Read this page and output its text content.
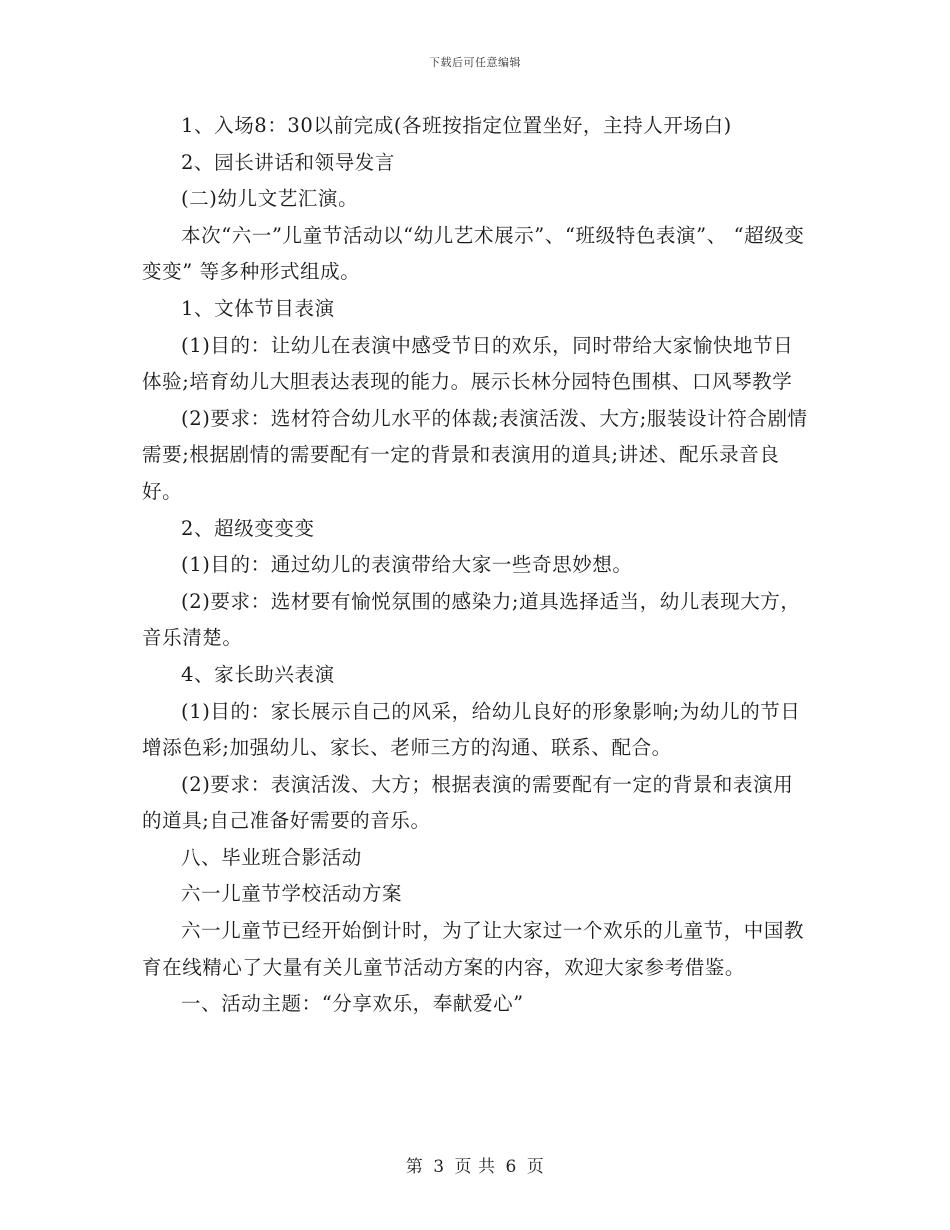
下载后可任意编辑

1、入场8：30以前完成(各班按指定位置坐好，主持人开场白)

2、园长讲话和领导发言

(二)幼儿文艺汇演。

本次“六一”儿童节活动以“幼儿艺术展示”、“班级特色表演”、 “超级变变变” 等多种形式组成。

1、文体节目表演

(1)目的：让幼儿在表演中感受节日的欢乐，同时带给大家愉快地节日体验;培育幼儿大胆表达表现的能力。展示长林分园特色围棋、口风琴教学

(2)要求：选材符合幼儿水平的体裁;表演活泼、大方;服装设计符合剧情需要;根据剧情的需要配有一定的背景和表演用的道具;讲述、配乐录音良好。

2、超级变变变

(1)目的：通过幼儿的表演带给大家一些奇思妙想。

(2)要求：选材要有愉悦氛围的感染力;道具选择适当，幼儿表现大方，音乐清楚。

4、家长助兴表演

(1)目的：家长展示自己的风采，给幼儿良好的形象影响;为幼儿的节日增添色彩;加强幼儿、家长、老师三方的沟通、联系、配合。

(2)要求：表演活泼、大方；根据表演的需要配有一定的背景和表演用的道具;自己准备好需要的音乐。

八、毕业班合影活动

六一儿童节学校活动方案

六一儿童节已经开始倒计时，为了让大家过一个欢乐的儿童节，中国教育在线精心了大量有关儿童节活动方案的内容，欢迎大家参考借鉴。

一、活动主题：“分享欢乐，奉献爱心”

第 3 页 共 6 页
